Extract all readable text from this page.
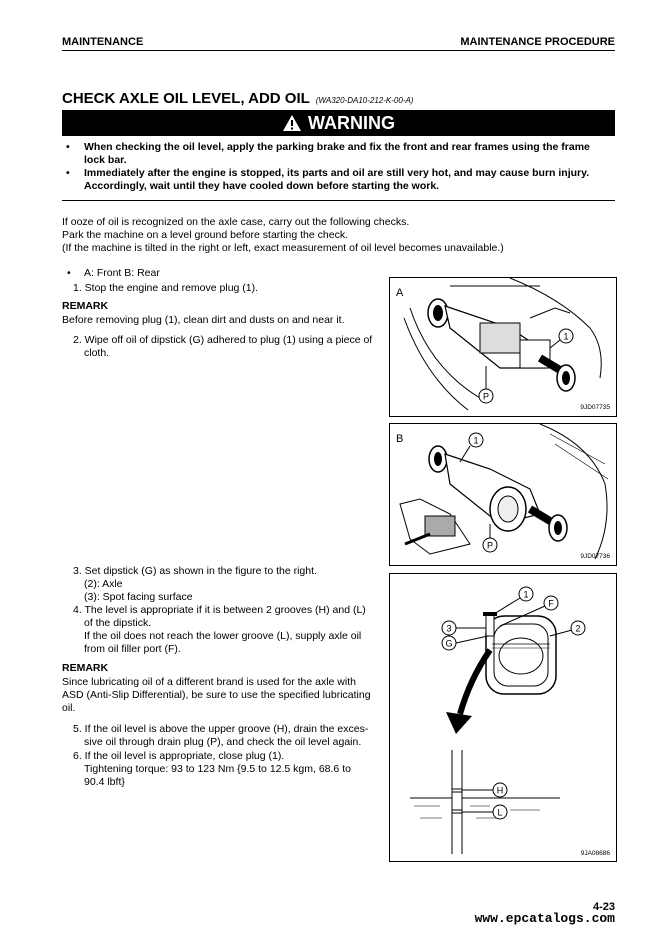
MAINTENANCE	MAINTENANCE PROCEDURE
CHECK AXLE OIL LEVEL, ADD OIL (WA320-DA10-212-K-00-A)
WARNING
• When checking the oil level, apply the parking brake and fix the front and rear frames using the frame
lock bar.
• Immediately after the engine is stopped, its parts and oil are still very hot, and may cause burn injury.
Accordingly, wait until they have cooled down before starting the work.
If ooze of oil is recognized on the axle case, carry out the following checks.
Park the machine on a level ground before starting the check.
(If the machine is tilted in the right or left, exact measurement of oil level becomes unavailable.)
• A: Front B: Rear
1. Stop the engine and remove plug (1).
REMARK
Before removing plug (1), clean dirt and dusts on and near it.
2. Wipe off oil of dipstick (G) adhered to plug (1) using a piece of
cloth.
3. Set dipstick (G) as shown in the figure to the right.
(2): Axle
(3): Spot facing surface
4. The level is appropriate if it is between 2 grooves (H) and (L)
of the dipstick.
If the oil does not reach the lower groove (L), supply axle oil
from oil filler port (F).
REMARK
Since lubricating oil of a different brand is used for the axle with
ASD (Anti-Slip Differential), be sure to use the specified lubricating
oil.
5. If the oil level is above the upper groove (H), drain the exces-
sive oil through drain plug (P), and check the oil level again.
6. If the oil level is appropriate, close plug (1).
Tightening torque: 93 to 123 Nm {9.5 to 12.5 kgm, 68.6 to
90.4 lbft}
A
1
P
9JD07735
B	1
P
9JD07736
1
F
2
3
G
H
L
9JA08686
4-23
www.epcatalogs.com
